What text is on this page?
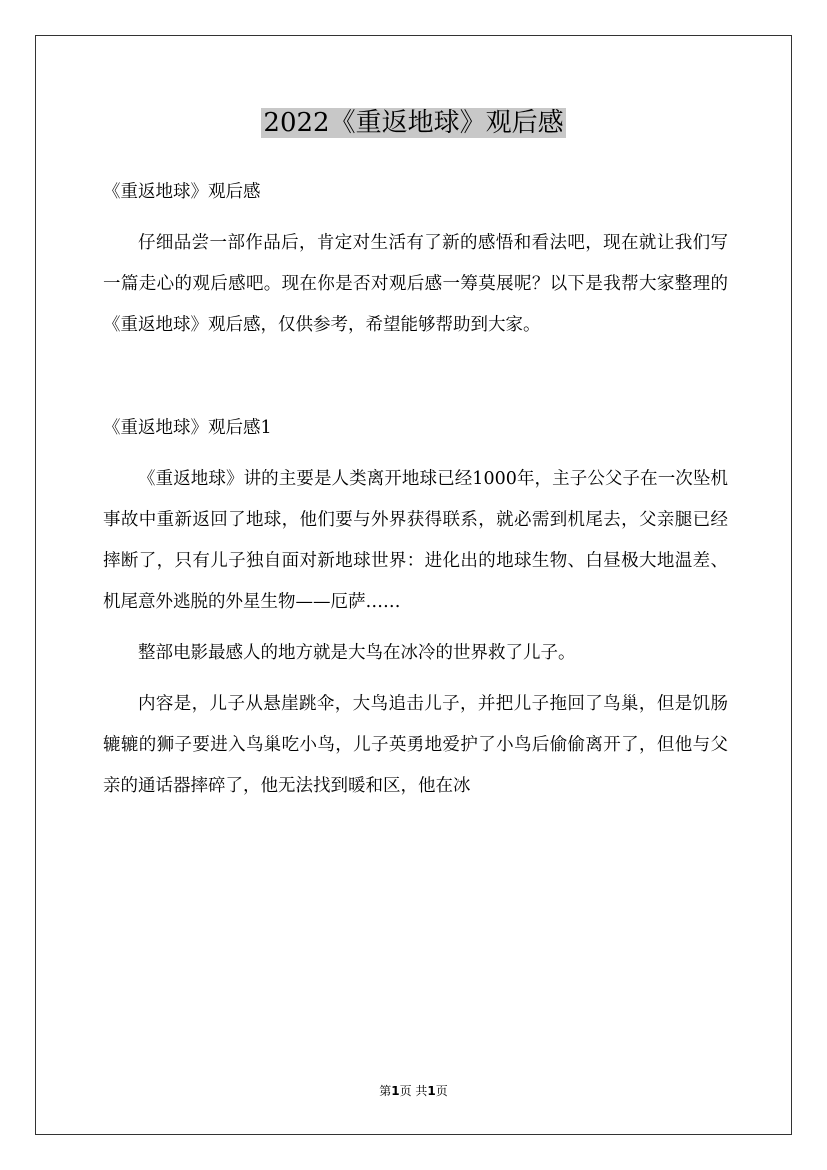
2022《重返地球》观后感

《重返地球》观后感

仔细品尝一部作品后，肯定对生活有了新的感悟和看法吧，现在就让我们写一篇走心的观后感吧。现在你是否对观后感一筹莫展呢？以下是我帮大家整理的《重返地球》观后感，仅供参考，希望能够帮助到大家。

《重返地球》观后感1

《重返地球》讲的主要是人类离开地球已经1000年，主子公父子在一次坠机事故中重新返回了地球，他们要与外界获得联系，就必需到机尾去，父亲腿已经摔断了，只有儿子独自面对新地球世界：进化出的地球生物、白昼极大地温差、机尾意外逃脱的外星生物——厄萨……

整部电影最感人的地方就是大鸟在冰冷的世界救了儿子。

内容是，儿子从悬崖跳伞，大鸟追击儿子，并把儿子拖回了鸟巢，但是饥肠辘辘的狮子要进入鸟巢吃小鸟，儿子英勇地爱护了小鸟后偷偷离开了，但他与父亲的通话器摔碎了，他无法找到暖和区，他在冰

第1页 共1页
